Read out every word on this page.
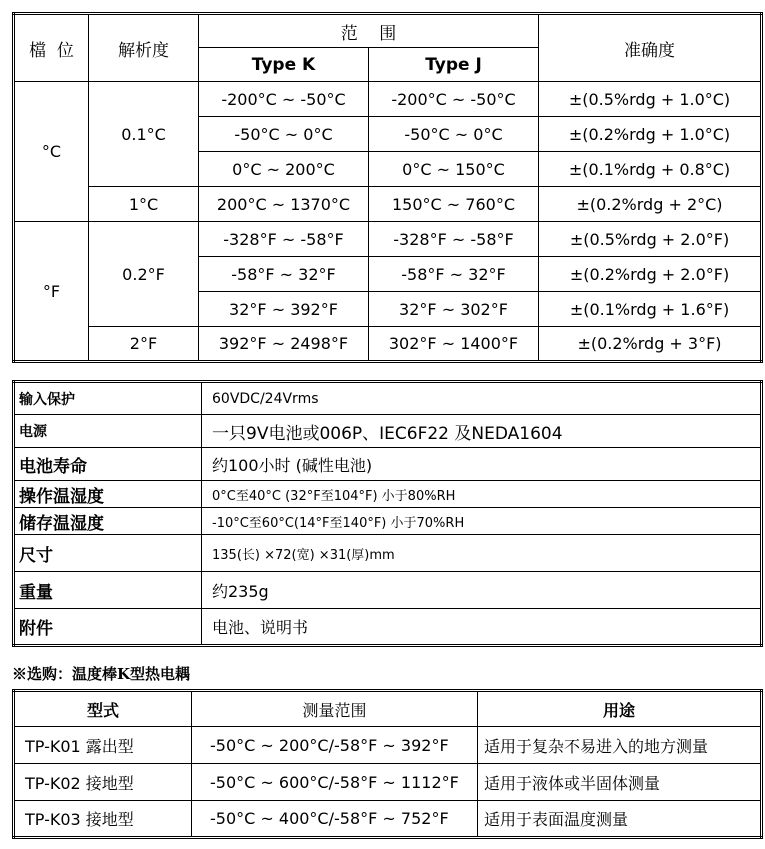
檔  位	解析度	范    围		准确度
		Type K	Type J	
°C	0.1°C	-200°C ~ -50°C	-200°C ~ -50°C	±(0.5%rdg + 1.0°C)
		-50°C ~ 0°C	-50°C ~ 0°C	±(0.2%rdg + 1.0°C)
		0°C ~ 200°C	0°C ~ 150°C	±(0.1%rdg + 0.8°C)
	1°C	200°C ~ 1370°C	150°C ~ 760°C	±(0.2%rdg + 2°C)
°F	0.2°F	-328°F ~ -58°F	-328°F ~ -58°F	±(0.5%rdg + 2.0°F)
		-58°F ~ 32°F	-58°F ~ 32°F	±(0.2%rdg + 2.0°F)
		32°F ~ 392°F	32°F ~ 302°F	±(0.1%rdg + 1.6°F)
	2°F	392°F ~ 2498°F	302°F ~ 1400°F	±(0.2%rdg + 3°F)
输入保护	60VDC/24Vrms
电源	一只9V电池或006P、IEC6F22 及NEDA1604
电池寿命	约100小时 (碱性电池)
操作温湿度	0°C至40°C (32°F至104°F) 小于80%RH
储存温湿度	-10°C至60°C(14°F至140°F) 小于70%RH
尺寸	135(长) ×72(宽) ×31(厚)mm
重量	约235g
附件	电池、说明书
※选购：温度棒K型热电耦
型式	测量范围	用途
TP-K01 露出型	-50°C ~ 200°C/-58°F ~ 392°F	适用于复杂不易进入的地方测量
TP-K02 接地型	-50°C ~ 600°C/-58°F ~ 1112°F	适用于液体或半固体测量
TP-K03 接地型	-50°C ~ 400°C/-58°F ~ 752°F	适用于表面温度测量
